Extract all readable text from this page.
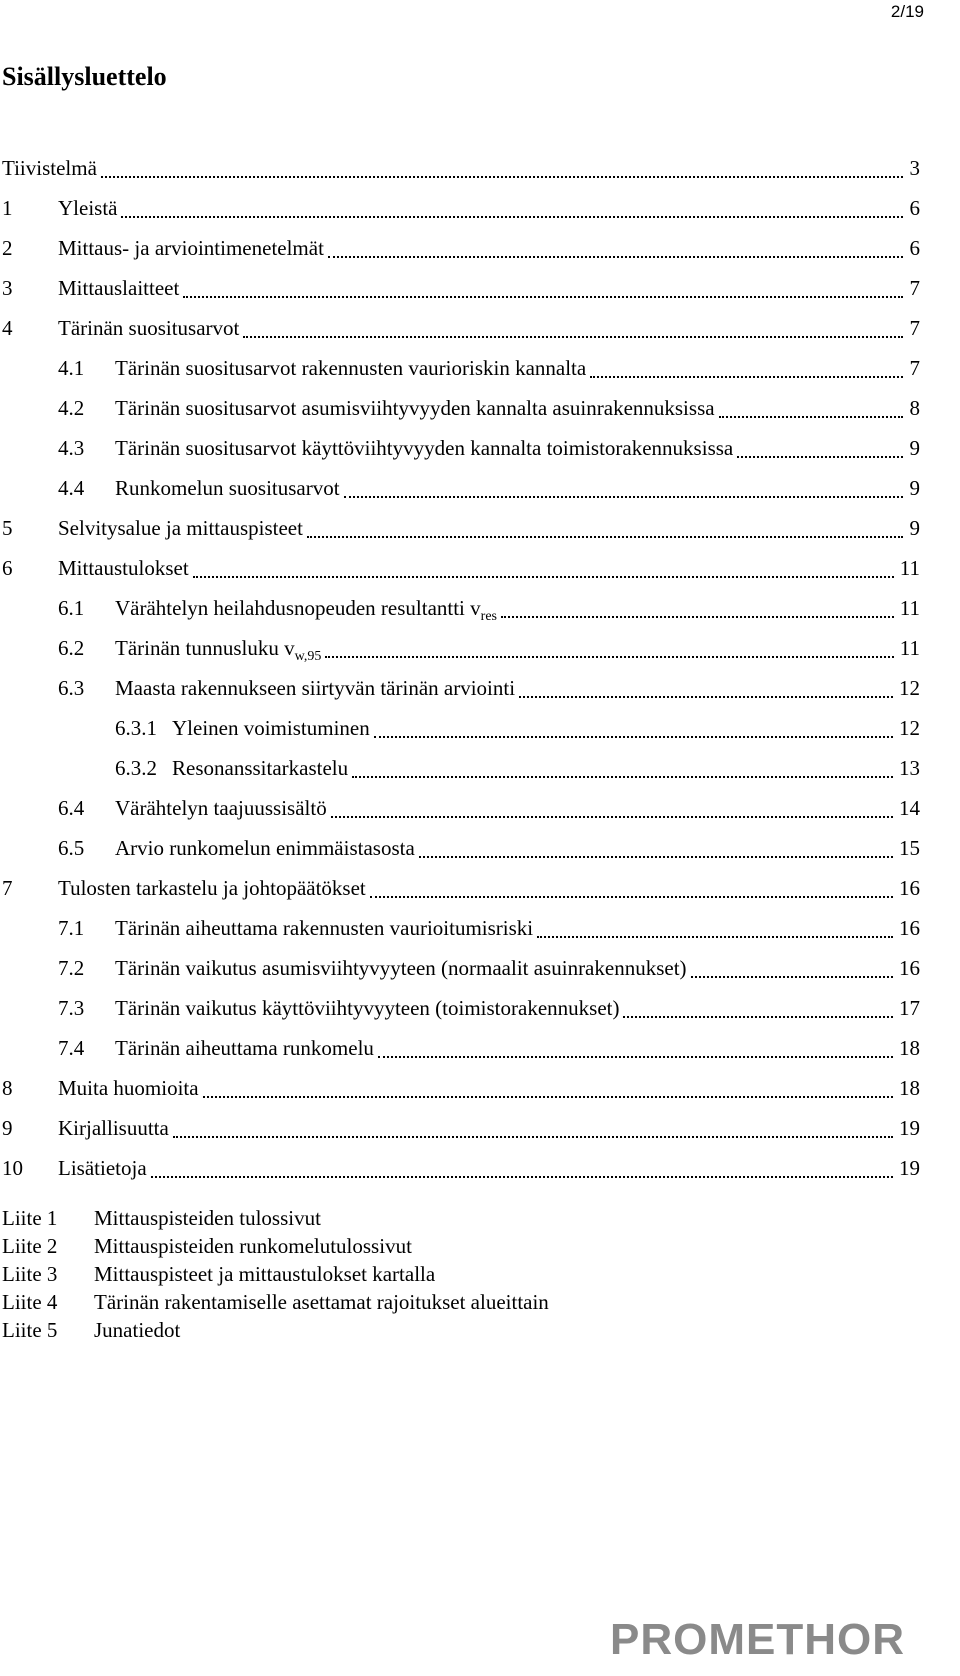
2/19
Sisällysluettelo
Tiivistelmä	3
1 Yleistä	6
2 Mittaus- ja arviointimenetelmät	6
3 Mittauslaitteet	7
4 Tärinän suositusarvot	7
4.1 Tärinän suositusarvot rakennusten vaurioriskin kannalta	7
4.2 Tärinän suositusarvot asumisviihtyvyyden kannalta asuinrakennuksissa	8
4.3 Tärinän suositusarvot käyttöviihtyvyyden kannalta toimistorakennuksissa	9
4.4 Runkomelun suositusarvot	9
5 Selvitysalue ja mittauspisteet	9
6 Mittaustulokset	11
6.1 Värähtelyn heilahdusnopeuden resultantti $v_{res}$	11
6.2 Tärinän tunnusluku $v_{w,95}$	11
6.3 Maasta rakennukseen siirtyvän tärinän arviointi	12
6.3.1 Yleinen voimistuminen	12
6.3.2 Resonanssitarkastelu	13
6.4 Värähtelyn taajuussisältö	14
6.5 Arvio runkomelun enimmäistasosta	15
7 Tulosten tarkastelu ja johtopäätökset	16
7.1 Tärinän aiheuttama rakennusten vaurioitumisriski	16
7.2 Tärinän vaikutus asumisviihtyvyyteen (normaalit asuinrakennukset)	16
7.3 Tärinän vaikutus käyttöviihtyvyyteen (toimistorakennukset)	17
7.4 Tärinän aiheuttama runkomelu	18
8 Muita huomioita	18
9 Kirjallisuutta	19
10 Lisätietoja	19
Liite 1 Mittauspisteiden tulossivut
Liite 2 Mittauspisteiden runkomelutulossivut
Liite 3 Mittauspisteet ja mittaustulokset kartalla
Liite 4 Tärinän rakentamiselle asettamat rajoitukset alueittain
Liite 5 Junatiedot
PROMETHOR
